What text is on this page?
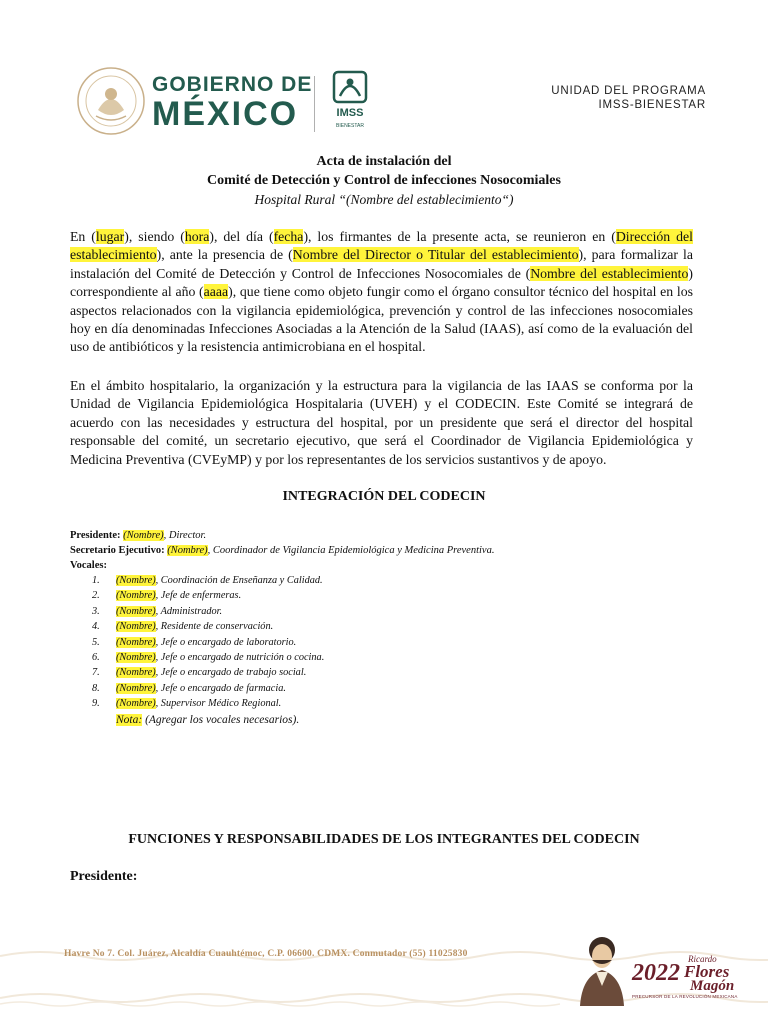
GOBIERNO DE
MÉXICO	IMSS
BIENESTAR
UNIDAD DEL PROGRAMA
IMSS-BIENESTAR
Acta de instalación del
Comité de Detección y Control de infecciones Nosocomiales
Hospital Rural “(Nombre del establecimiento“)
En (lugar), siendo (hora), del día (fecha), los firmantes de la presente acta, se reunieron en (Dirección del establecimiento), ante la presencia de (Nombre del Director o Titular del establecimiento), para formalizar la instalación del Comité de Detección y Control de Infecciones Nosocomiales de (Nombre del establecimiento) correspondiente al año (aaaa), que tiene como objeto fungir como el órgano consultor técnico del hospital en los aspectos relacionados con la vigilancia epidemiológica, prevención y control de las infecciones nosocomiales hoy en día denominadas Infecciones Asociadas a la Atención de la Salud (IAAS), así como de la evaluación del uso de antibióticos y la resistencia antimicrobiana en el hospital.
En el ámbito hospitalario, la organización y la estructura para la vigilancia de las IAAS se conforma por la Unidad de Vigilancia Epidemiológica Hospitalaria (UVEH) y el CODECIN. Este Comité se integrará de acuerdo con las necesidades y estructura del hospital, por un presidente que será el director del hospital responsable del comité, un secretario ejecutivo, que será el Coordinador de Vigilancia Epidemiológica y Medicina Preventiva (CVEyMP) y por los representantes de los servicios sustantivos y de apoyo.
INTEGRACIÓN DEL CODECIN
Presidente: (Nombre), Director.
Secretario Ejecutivo: (Nombre), Coordinador de Vigilancia Epidemiológica y Medicina Preventiva.
Vocales:
1. (Nombre), Coordinación de Enseñanza y Calidad.
2. (Nombre), Jefe de enfermeras.
3. (Nombre), Administrador.
4. (Nombre), Residente de conservación.
5. (Nombre), Jefe o encargado de laboratorio.
6. (Nombre), Jefe o encargado de nutrición o cocina.
7. (Nombre), Jefe o encargado de trabajo social.
8. (Nombre), Jefe o encargado de farmacia.
9. (Nombre), Supervisor Médico Regional.
Nota: (Agregar los vocales necesarios).
FUNCIONES Y RESPONSABILIDADES DE LOS INTEGRANTES DEL CODECIN
Presidente:
Havre No 7. Col. Juárez, Alcaldía Cuauhtémoc, C.P. 06600. CDMX. Conmutador (55) 11025830
2022
Ricardo
Flores
Magón
PRECURSOR DE LA REVOLUCIÓN MEXICANA
